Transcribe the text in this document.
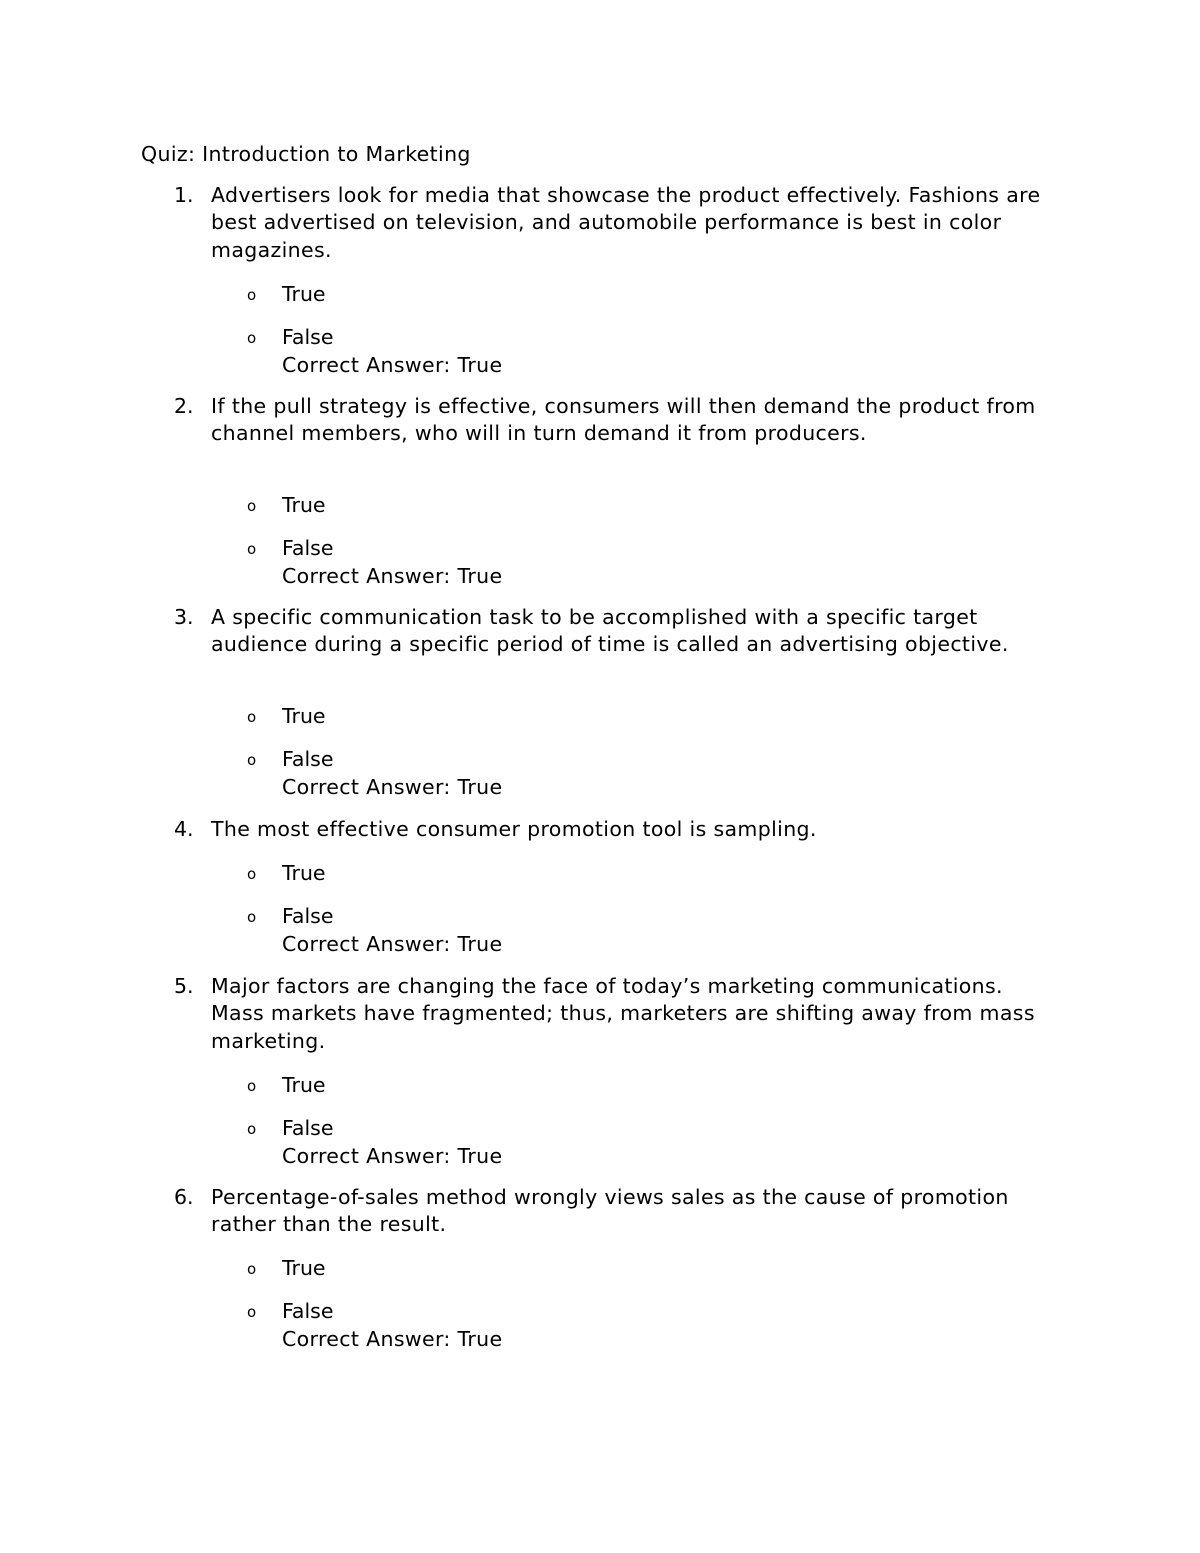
Quiz: Introduction to Marketing
1. Advertisers look for media that showcase the product effectively. Fashions are best advertised on television, and automobile performance is best in color magazines.
o True
o False
Correct Answer: True
2. If the pull strategy is effective, consumers will then demand the product from channel members, who will in turn demand it from producers.
o True
o False
Correct Answer: True
3. A specific communication task to be accomplished with a specific target audience during a specific period of time is called an advertising objective.
o True
o False
Correct Answer: True
4. The most effective consumer promotion tool is sampling.
o True
o False
Correct Answer: True
5. Major factors are changing the face of today’s marketing communications. Mass markets have fragmented; thus, marketers are shifting away from mass marketing.
o True
o False
Correct Answer: True
6. Percentage-of-sales method wrongly views sales as the cause of promotion rather than the result.
o True
o False
Correct Answer: True
